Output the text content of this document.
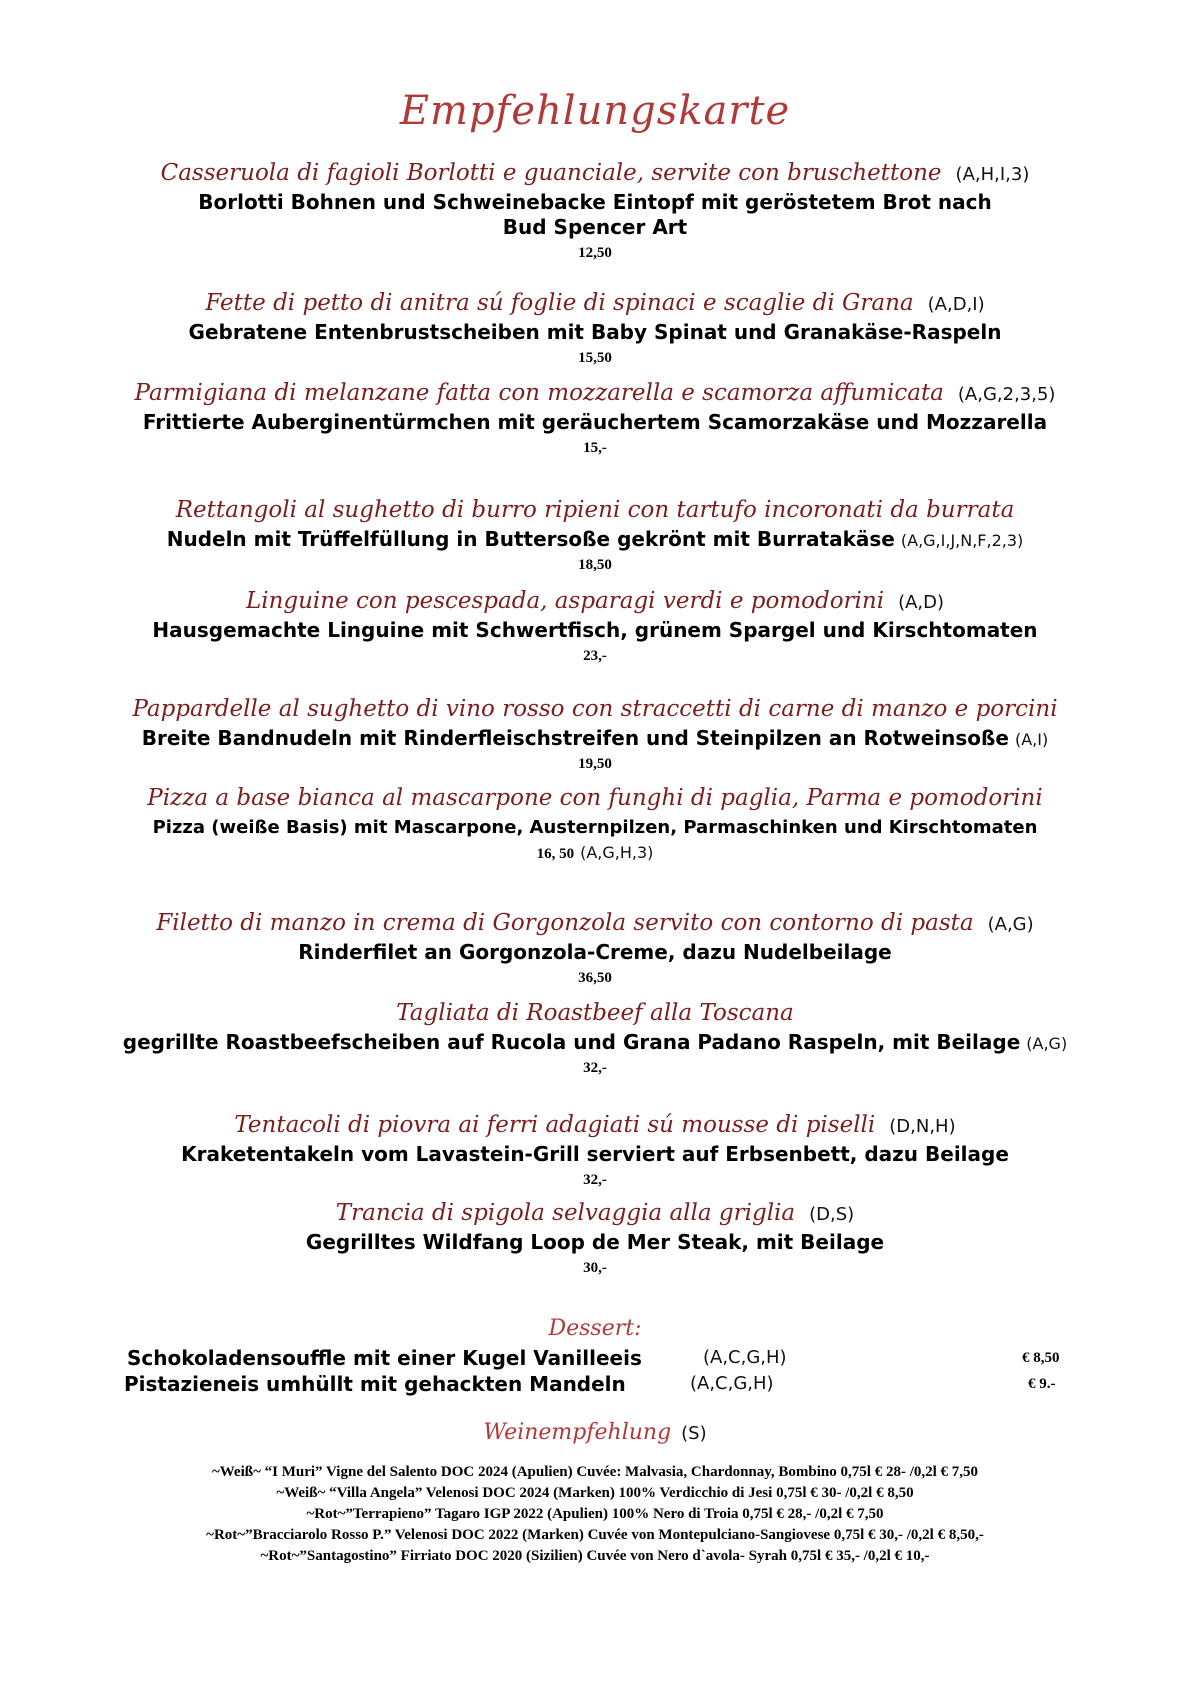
Empfehlungskarte
Casseruola di fagioli Borlotti e guanciale, servite con bruschettone (A,H,I,3)
Borlotti Bohnen und Schweinebacke Eintopf mit geröstetem Brot nach
Bud Spencer Art
12,50
Fette di petto di anitra sú foglie di spinaci e scaglie di Grana (A,D,I)
Gebratene Entenbrustscheiben mit Baby Spinat und Granakäse-Raspeln
15,50
Parmigiana di melanzane fatta con mozzarella e scamorza affumicata (A,G,2,3,5)
Frittierte Auberginentürmchen mit geräuchertem Scamorzakäse und Mozzarella
15,-
Rettangoli al sughetto di burro ripieni con tartufo incoronati da burrata
Nudeln mit Trüffelfüllung in Buttersoße gekrönt mit Burratakäse (A,G,I,J,N,F,2,3)
18,50
Linguine con pescespada, asparagi verdi e pomodorini (A,D)
Hausgemachte Linguine mit Schwertfisch, grünem Spargel und Kirschtomaten
23,-
Pappardelle al sughetto di vino rosso con straccetti di carne di manzo e porcini
Breite Bandnudeln mit Rinderfleischstreifen und Steinpilzen an Rotweinsoße (A,I)
19,50
Pizza a base bianca al mascarpone con funghi di paglia, Parma e pomodorini
Pizza (weiße Basis) mit Mascarpone, Austernpilzen, Parmaschinken und Kirschtomaten
16, 50 (A,G,H,3)
Filetto di manzo in crema di Gorgonzola servito con contorno di pasta (A,G)
Rinderfilet an Gorgonzola-Creme, dazu Nudelbeilage
36,50
Tagliata di Roastbeef alla Toscana
gegrillte Roastbeefscheiben auf Rucola und Grana Padano Raspeln, mit Beilage (A,G)
32,-
Tentacoli di piovra ai ferri adagiati sú mousse di piselli (D,N,H)
Kraketentakeln vom Lavastein-Grill serviert auf Erbsenbett, dazu Beilage
32,-
Trancia di spigola selvaggia alla griglia (D,S)
Gegrilltes Wildfang Loop de Mer Steak, mit Beilage
30,-
Dessert:
Schokoladensouffle mit einer Kugel Vanilleeis	(A,C,G,H)	€ 8,50
Pistazieneis umhüllt mit gehackten Mandeln	(A,C,G,H)	€ 9.-
Weinempfehlung (S)
~Weiß~ “I Muri” Vigne del Salento DOC 2024 (Apulien) Cuvée: Malvasia, Chardonnay, Bombino 0,75l € 28- /0,2l € 7,50
~Weiß~ “Villa Angela” Velenosi DOC 2024 (Marken) 100% Verdicchio di Jesi 0,75l € 30- /0,2l € 8,50
~Rot~”Terrapieno” Tagaro IGP 2022 (Apulien) 100% Nero di Troia 0,75l € 28,- /0,2l € 7,50
~Rot~”Bracciarolo Rosso P.” Velenosi DOC 2022 (Marken) Cuvée von Montepulciano-Sangiovese 0,75l € 30,- /0,2l € 8,50,-
~Rot~”Santagostino” Firriato DOC 2020 (Sizilien) Cuvée von Nero d`avola- Syrah 0,75l € 35,- /0,2l € 10,-
